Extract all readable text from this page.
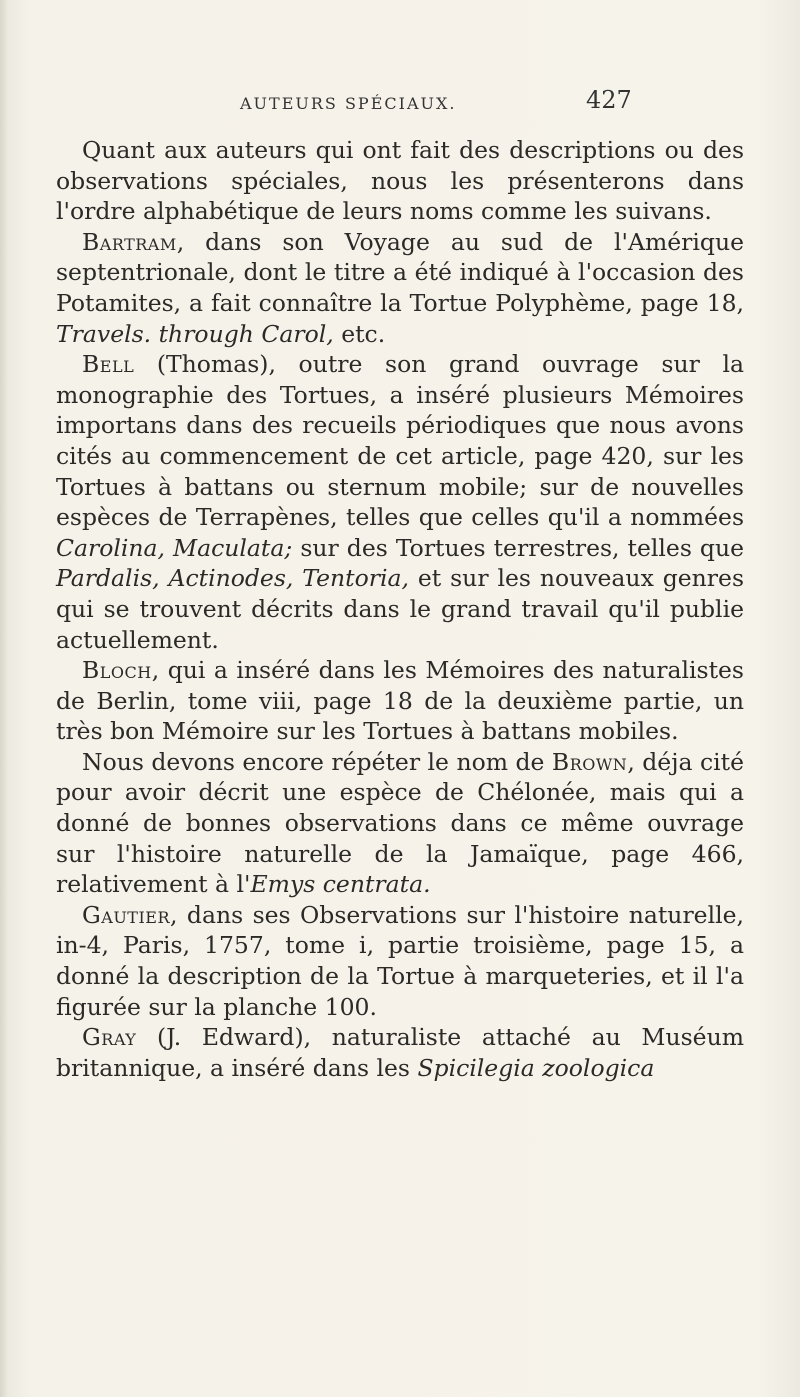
AUTEURS SPÉCIAUX.	427

Quant aux auteurs qui ont fait des descriptions ou des observations spéciales, nous les présenterons dans l'ordre alphabétique de leurs noms comme les suivans.

Bartram, dans son Voyage au sud de l'Amérique septentrionale, dont le titre a été indiqué à l'occasion des Potamites, a fait connaître la Tortue Polyphème, page 18, Travels. through Carol, etc.

Bell (Thomas), outre son grand ouvrage sur la monographie des Tortues, a inséré plusieurs Mémoires importans dans des recueils périodiques que nous avons cités au commencement de cet article, page 420, sur les Tortues à battans ou sternum mobile; sur de nouvelles espèces de Terrapènes, telles que celles qu'il a nommées Carolina, Maculata; sur des Tortues terrestres, telles que Pardalis, Actinodes, Tentoria, et sur les nouveaux genres qui se trouvent décrits dans le grand travail qu'il publie actuellement.

Bloch, qui a inséré dans les Mémoires des naturalistes de Berlin, tome viii, page 18 de la deuxième partie, un très bon Mémoire sur les Tortues à battans mobiles.

Nous devons encore répéter le nom de Brown, déja cité pour avoir décrit une espèce de Chélonée, mais qui a donné de bonnes observations dans ce même ouvrage sur l'histoire naturelle de la Jamaïque, page 466, relativement à l'Emys centrata.

Gautier, dans ses Observations sur l'histoire naturelle, in-4, Paris, 1757, tome i, partie troisième, page 15, a donné la description de la Tortue à marqueteries, et il l'a figurée sur la planche 100.

Gray (J. Edward), naturaliste attaché au Muséum britannique, a inséré dans les Spicilegia zoologica
